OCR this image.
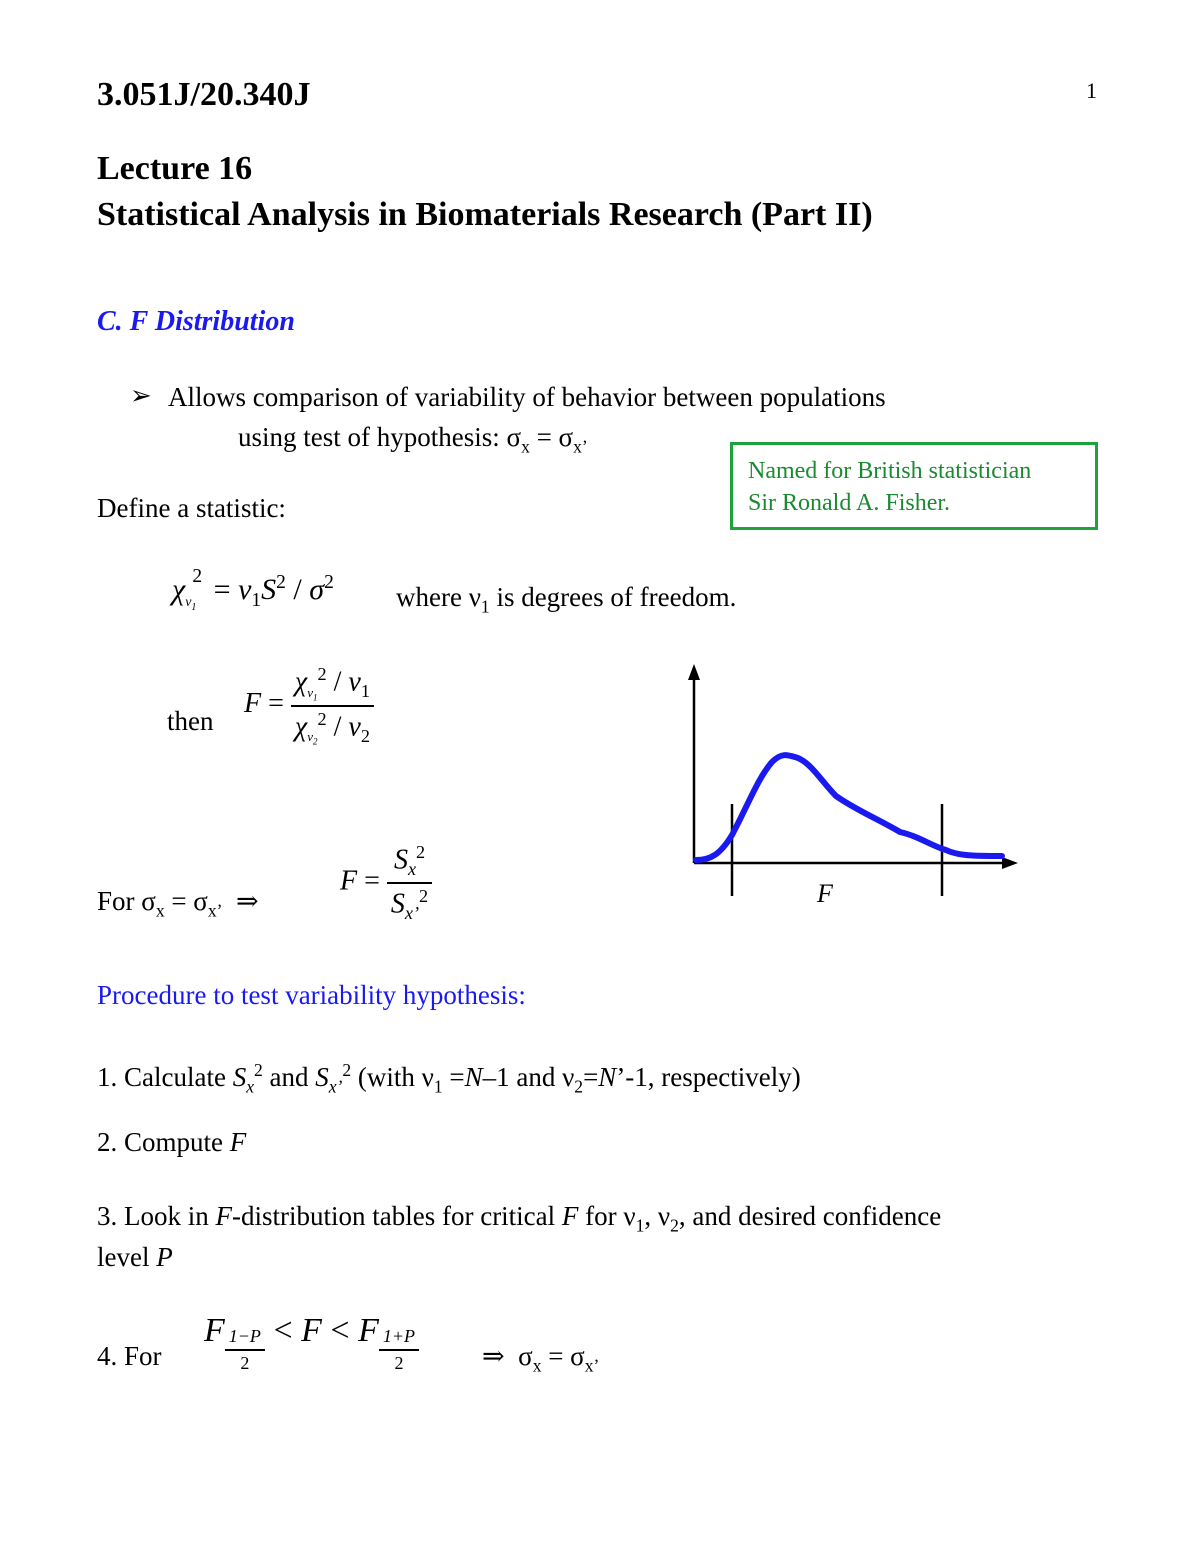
3.051J/20.340J	1
Lecture 16
Statistical Analysis in Biomaterials Research (Part II)
C. F Distribution
➢ Allows comparison of variability of behavior between populations
using test of hypothesis: $\sigma_x = \sigma_{x’}$
Named for British statistician
Sir Ronald A. Fisher.
Define a statistic:
$\chi_{\nu_1}^2 = \nu_1S^2 / \sigma^2$ where $\nu_1$ is degrees of freedom.
then
$F = \frac{\chi_{\nu_1}^2 / \nu_1}{\chi_{\nu_2}^2 / \nu_2}$
For $\sigma_x = \sigma_{x’}$  ⇒
$F = \frac{S_x^2}{S_{x’}^2}$	F
Procedure to test variability hypothesis:
1. Calculate $S_x^2$ and $S_{x’}^2$ (with $\nu_1 =N-1$ and $\nu_2=N’-1$, respectively)
2. Compute F
3. Look in F-distribution tables for critical F for $\nu_1$, $\nu_2$, and desired confidence
level P
4. For
F $\frac{1-P}{2} < F < F \frac{1+P}{2}$ ⇒  $\sigma_x = \sigma_{x’}$
